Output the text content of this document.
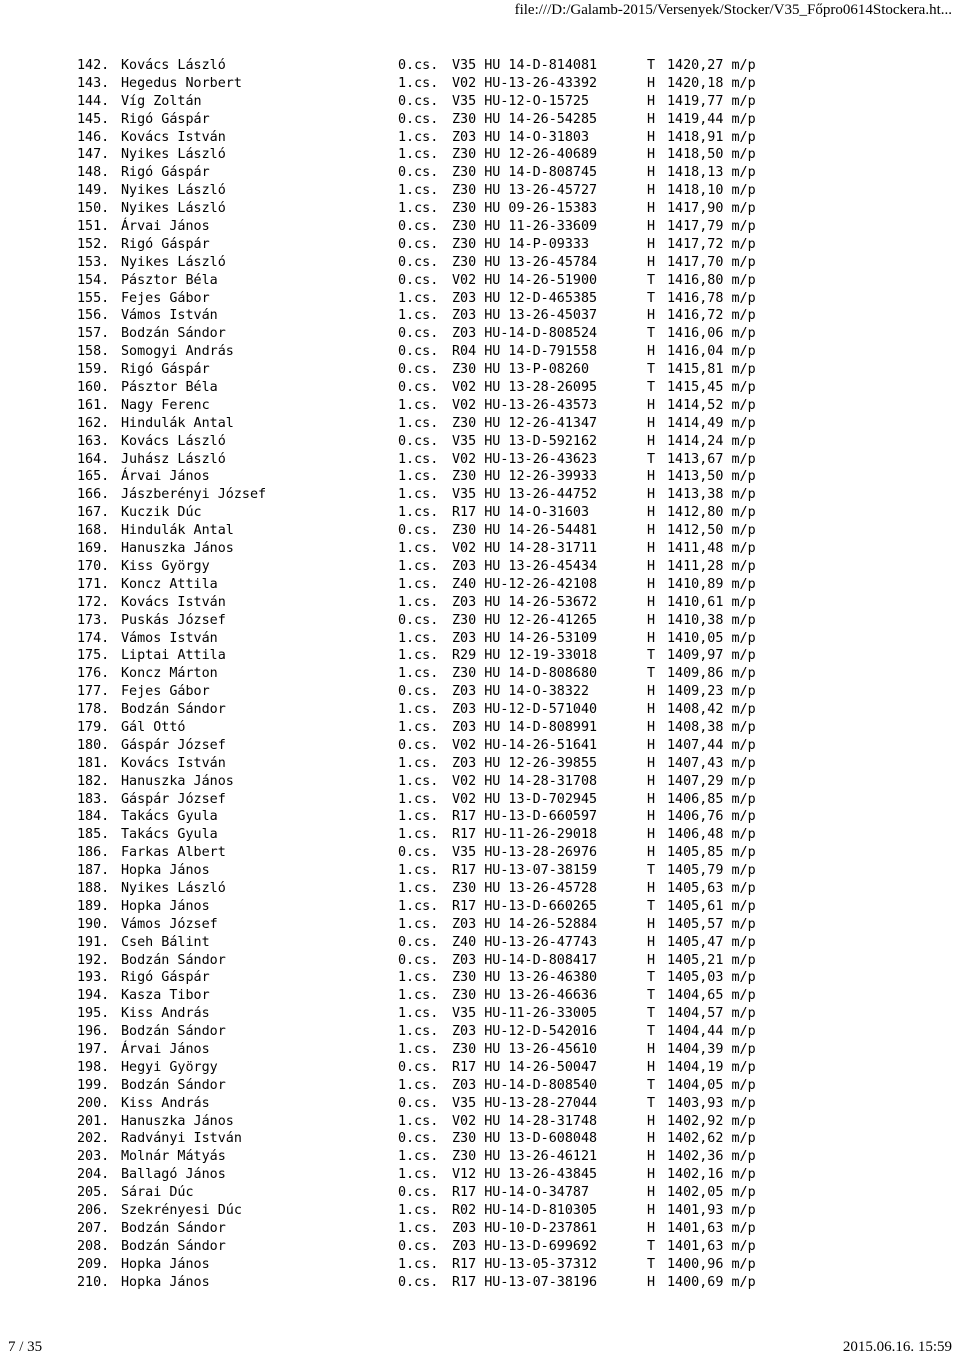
file:///D:/Galamb-2015/Versenyek/Stocker/V35_Főpro0614Stockera.ht...
142. Kovács László	0.cs. V35 HU 14-D-814081	T 1420,27 m/p
143. Hegedus Norbert	1.cs. V02 HU-13-26-43392	H 1420,18 m/p
144. Víg Zoltán	0.cs. V35 HU-12-O-15725	H 1419,77 m/p
145. Rigó Gáspár	0.cs. Z30 HU 14-26-54285	H 1419,44 m/p
146. Kovács István	1.cs. Z03 HU 14-O-31803	H 1418,91 m/p
147. Nyikes László	1.cs. Z30 HU 12-26-40689	H 1418,50 m/p
148. Rigó Gáspár	0.cs. Z30 HU 14-D-808745	H 1418,13 m/p
149. Nyikes László	1.cs. Z30 HU 13-26-45727	H 1418,10 m/p
150. Nyikes László	1.cs. Z30 HU 09-26-15383	H 1417,90 m/p
151. Árvai János	0.cs. Z30 HU 11-26-33609	H 1417,79 m/p
152. Rigó Gáspár	0.cs. Z30 HU 14-P-09333	H 1417,72 m/p
153. Nyikes László	0.cs. Z30 HU 13-26-45784	H 1417,70 m/p
154. Pásztor Béla	0.cs. V02 HU 14-26-51900	T 1416,80 m/p
155. Fejes Gábor	1.cs. Z03 HU 12-D-465385	T 1416,78 m/p
156. Vámos István	1.cs. Z03 HU 13-26-45037	H 1416,72 m/p
157. Bodzán Sándor	0.cs. Z03 HU-14-D-808524	T 1416,06 m/p
158. Somogyi András	0.cs. R04 HU 14-D-791558	H 1416,04 m/p
159. Rigó Gáspár	0.cs. Z30 HU 13-P-08260	T 1415,81 m/p
160. Pásztor Béla	0.cs. V02 HU 13-28-26095	T 1415,45 m/p
161. Nagy Ferenc	1.cs. V02 HU-13-26-43573	H 1414,52 m/p
162. Hindulák Antal	1.cs. Z30 HU 12-26-41347	H 1414,49 m/p
163. Kovács László	0.cs. V35 HU 13-D-592162	H 1414,24 m/p
164. Juhász László	1.cs. V02 HU-13-26-43623	T 1413,67 m/p
165. Árvai János	1.cs. Z30 HU 12-26-39933	H 1413,50 m/p
166. Jászberényi József	1.cs. V35 HU 13-26-44752	H 1413,38 m/p
167. Kuczik Dúc	1.cs. R17 HU 14-O-31603	H 1412,80 m/p
168. Hindulák Antal	0.cs. Z30 HU 14-26-54481	H 1412,50 m/p
169. Hanuszka János	1.cs. V02 HU 14-28-31711	H 1411,48 m/p
170. Kiss György	1.cs. Z03 HU 13-26-45434	H 1411,28 m/p
171. Koncz Attila	1.cs. Z40 HU-12-26-42108	H 1410,89 m/p
172. Kovács István	1.cs. Z03 HU 14-26-53672	H 1410,61 m/p
173. Puskás József	0.cs. Z30 HU 12-26-41265	H 1410,38 m/p
174. Vámos István	1.cs. Z03 HU 14-26-53109	H 1410,05 m/p
175. Liptai Attila	1.cs. R29 HU 12-19-33018	T 1409,97 m/p
176. Koncz Márton	1.cs. Z30 HU 14-D-808680	T 1409,86 m/p
177. Fejes Gábor	0.cs. Z03 HU 14-O-38322	H 1409,23 m/p
178. Bodzán Sándor	1.cs. Z03 HU-12-D-571040	H 1408,42 m/p
179. Gál Ottó	1.cs. Z03 HU 14-D-808991	H 1408,38 m/p
180. Gáspár József	0.cs. V02 HU-14-26-51641	H 1407,44 m/p
181. Kovács István	1.cs. Z03 HU 12-26-39855	H 1407,43 m/p
182. Hanuszka János	1.cs. V02 HU 14-28-31708	H 1407,29 m/p
183. Gáspár József	1.cs. V02 HU 13-D-702945	H 1406,85 m/p
184. Takács Gyula	1.cs. R17 HU-13-D-660597	H 1406,76 m/p
185. Takács Gyula	1.cs. R17 HU-11-26-29018	H 1406,48 m/p
186. Farkas Albert	0.cs. V35 HU-13-28-26976	H 1405,85 m/p
187. Hopka János	1.cs. R17 HU-13-07-38159	T 1405,79 m/p
188. Nyikes László	1.cs. Z30 HU 13-26-45728	H 1405,63 m/p
189. Hopka János	1.cs. R17 HU-13-D-660265	T 1405,61 m/p
190. Vámos József	1.cs. Z03 HU 14-26-52884	H 1405,57 m/p
191. Cseh Bálint	0.cs. Z40 HU-13-26-47743	H 1405,47 m/p
192. Bodzán Sándor	0.cs. Z03 HU-14-D-808417	H 1405,21 m/p
193. Rigó Gáspár	1.cs. Z30 HU 13-26-46380	T 1405,03 m/p
194. Kasza Tibor	1.cs. Z30 HU 13-26-46636	T 1404,65 m/p
195. Kiss András	1.cs. V35 HU-11-26-33005	T 1404,57 m/p
196. Bodzán Sándor	1.cs. Z03 HU-12-D-542016	T 1404,44 m/p
197. Árvai János	1.cs. Z30 HU 13-26-45610	H 1404,39 m/p
198. Hegyi György	0.cs. R17 HU 14-26-50047	H 1404,19 m/p
199. Bodzán Sándor	1.cs. Z03 HU-14-D-808540	T 1404,05 m/p
200. Kiss András	0.cs. V35 HU-13-28-27044	T 1403,93 m/p
201. Hanuszka János	1.cs. V02 HU 14-28-31748	H 1402,92 m/p
202. Radványi István	0.cs. Z30 HU 13-D-608048	H 1402,62 m/p
203. Molnár Mátyás	1.cs. Z30 HU 13-26-46121	H 1402,36 m/p
204. Ballagó János	1.cs. V12 HU 13-26-43845	H 1402,16 m/p
205. Sárai Dúc	0.cs. R17 HU-14-O-34787	H 1402,05 m/p
206. Szekrényesi Dúc	1.cs. R02 HU-14-D-810305	H 1401,93 m/p
207. Bodzán Sándor	1.cs. Z03 HU-10-D-237861	H 1401,63 m/p
208. Bodzán Sándor	0.cs. Z03 HU-13-D-699692	T 1401,63 m/p
209. Hopka János	1.cs. R17 HU-13-05-37312	T 1400,96 m/p
210. Hopka János	0.cs. R17 HU-13-07-38196	H 1400,69 m/p
7 / 35	2015.06.16. 15:59
